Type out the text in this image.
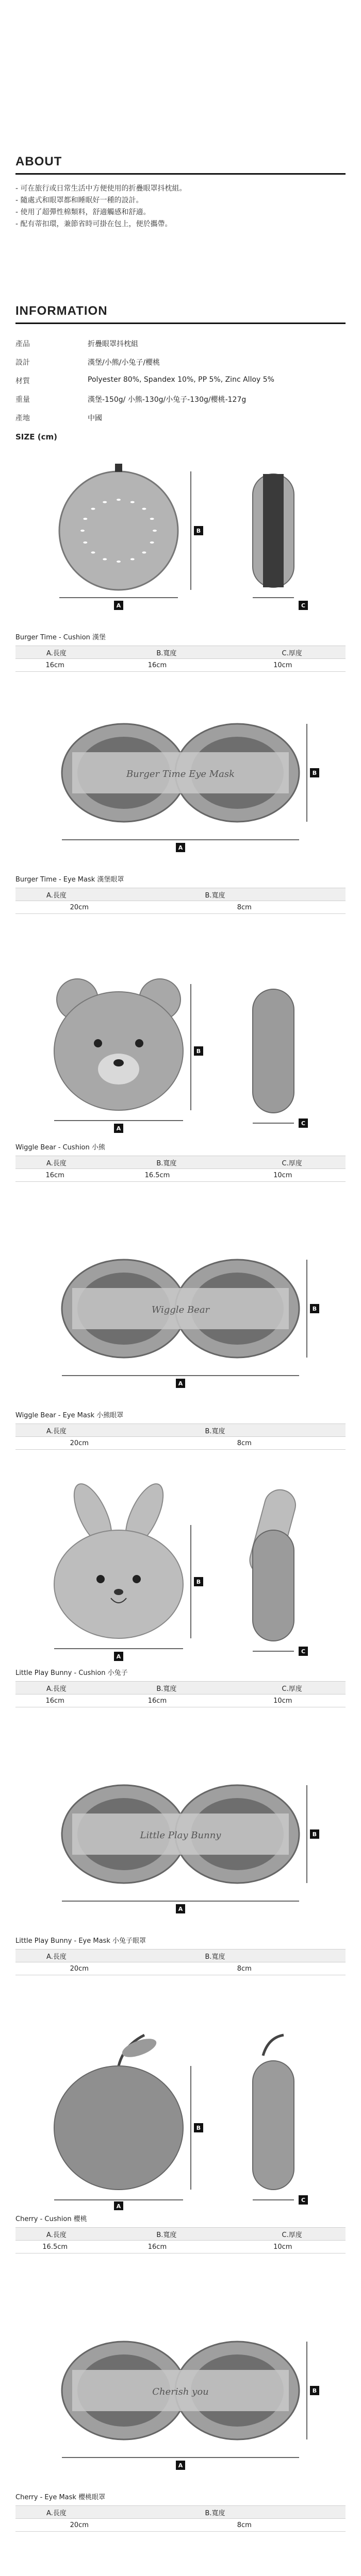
ABOUT
- 可在旅行或日常生活中方便使用的折疊眼罩抖枕組。
- 隨處式和眼罩都和睡眠好一種的設計。
- 使用了超彈性棉類料，舒適觸感和舒適。
- 配有蒂扣環，兼節省時可掛在包上，便於攜帶。
INFORMATION
產品	折疊眼罩抖枕組
設計	漢堡/小熊/小兔子/櫻桃
材質	Polyester 80%, Spandex 10%, PP 5%, Zinc Alloy 5%
重量	漢堡-150g/ 小熊-130g/小兔子-130g/櫻桃-127g
產地	中國
SIZE (cm)
A
B
C
Burger Time - Cushion 漢堡
A.長度	B.寬度	C.厚度
16cm	16cm	10cm
Burger Time Eye Mask
A
B
Burger Time - Eye Mask 漢堡眼罩
A.長度	B.寬度
20cm	8cm
A
B
C
Wiggle Bear - Cushion 小熊
A.長度	B.寬度	C.厚度
16cm	16.5cm	10cm
Wiggle Bear
A
B
Wiggle Bear - Eye Mask 小熊眼罩
A.長度	B.寬度
20cm	8cm
A
B
C
Little Play Bunny - Cushion 小兔子
A.長度	B.寬度	C.厚度
16cm	16cm	10cm
Little Play Bunny
A
B
Little Play Bunny - Eye Mask 小兔子眼罩
A.長度	B.寬度
20cm	8cm
A
B
C
Cherry - Cushion 櫻桃
A.長度	B.寬度	C.厚度
16.5cm	16cm	10cm
Cherish you
A
B
Cherry - Eye Mask 櫻桃眼罩
A.長度	B.寬度
20cm	8cm
